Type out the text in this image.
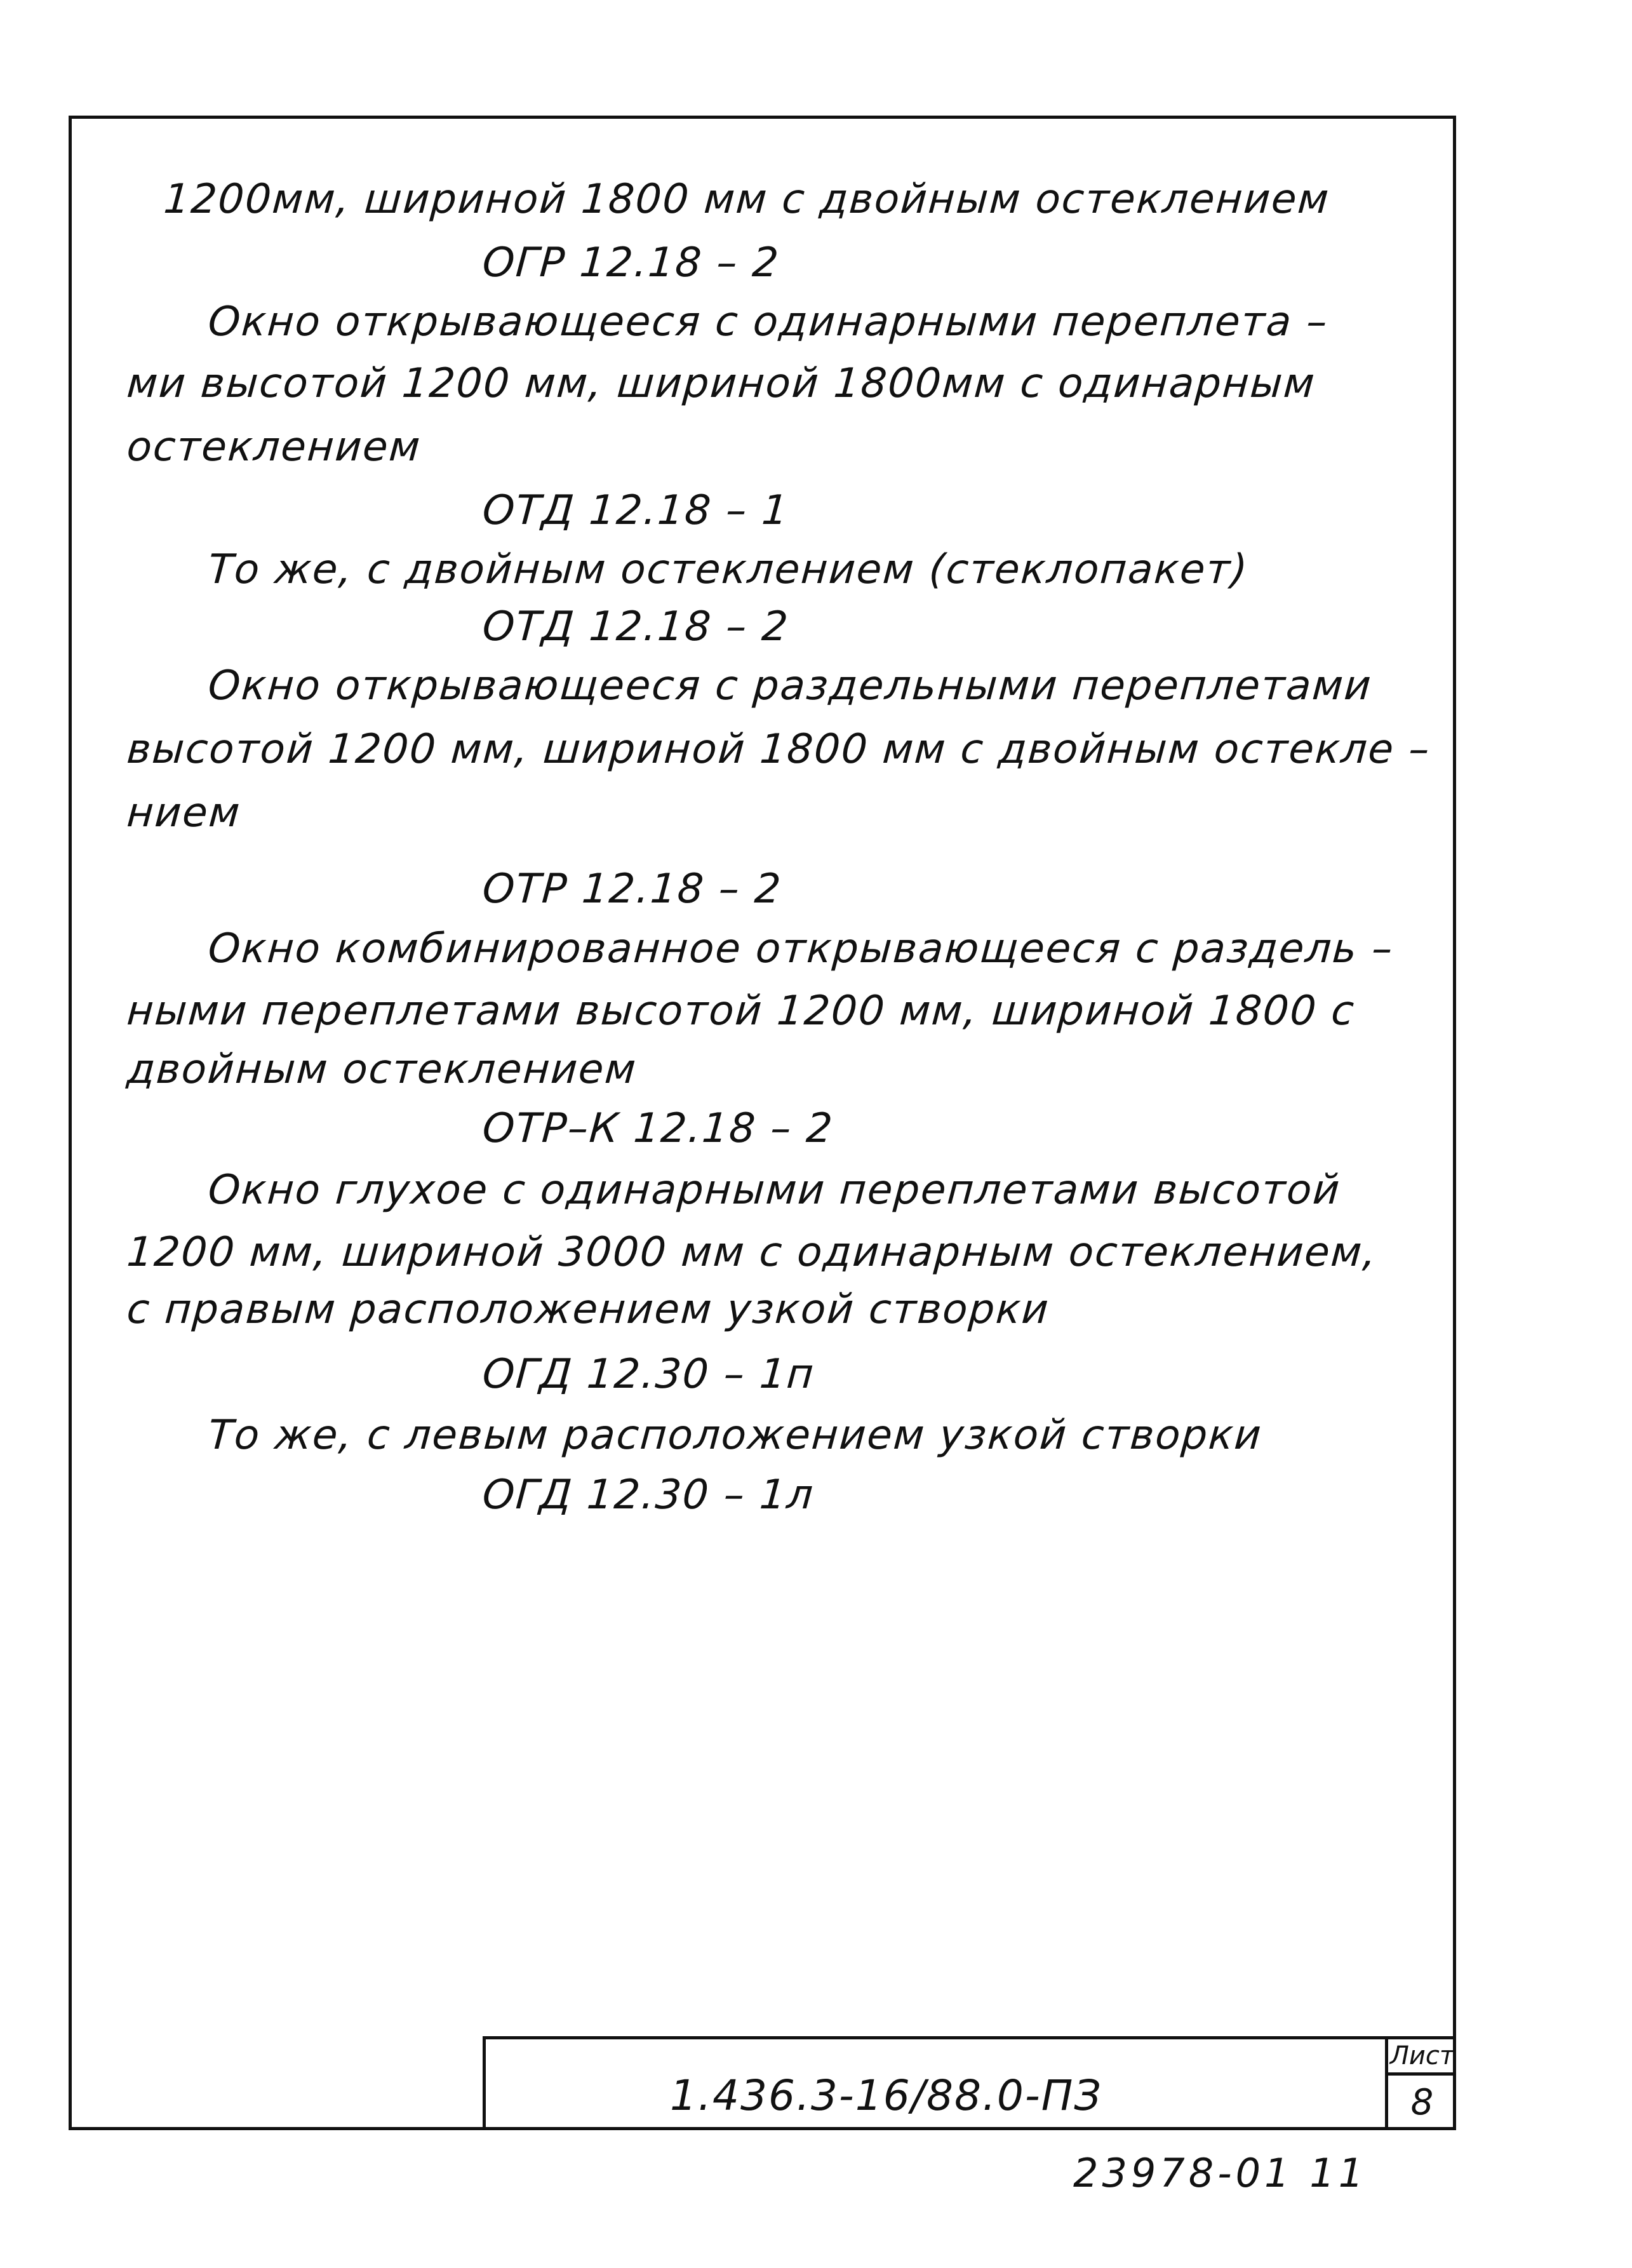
1200мм, шириной 1800 мм с двойным остеклением
ОГР 12.18 – 2
Окно открывающееся с одинарными переплета –
ми высотой 1200 мм, шириной 1800мм с одинарным
остеклением
ОТД 12.18 – 1
То же, с двойным остеклением (стеклопакет)
ОТД 12.18 – 2
Окно открывающееся с раздельными переплетами
высотой 1200 мм, шириной 1800 мм с двойным остекле –
нием
ОТР 12.18 – 2
Окно комбинированное открывающееся с раздель –
ными переплетами высотой 1200 мм, шириной 1800 с
двойным остеклением
ОТР–К 12.18 – 2
Окно глухое с одинарными переплетами высотой
1200 мм, шириной 3000 мм с одинарным остеклением,
с правым расположением узкой створки
ОГД 12.30 – 1п
То же, с левым расположением узкой створки
ОГД 12.30 – 1л
1.436.3-16/88.0-ПЗ
Лист
8
23978-01 11
